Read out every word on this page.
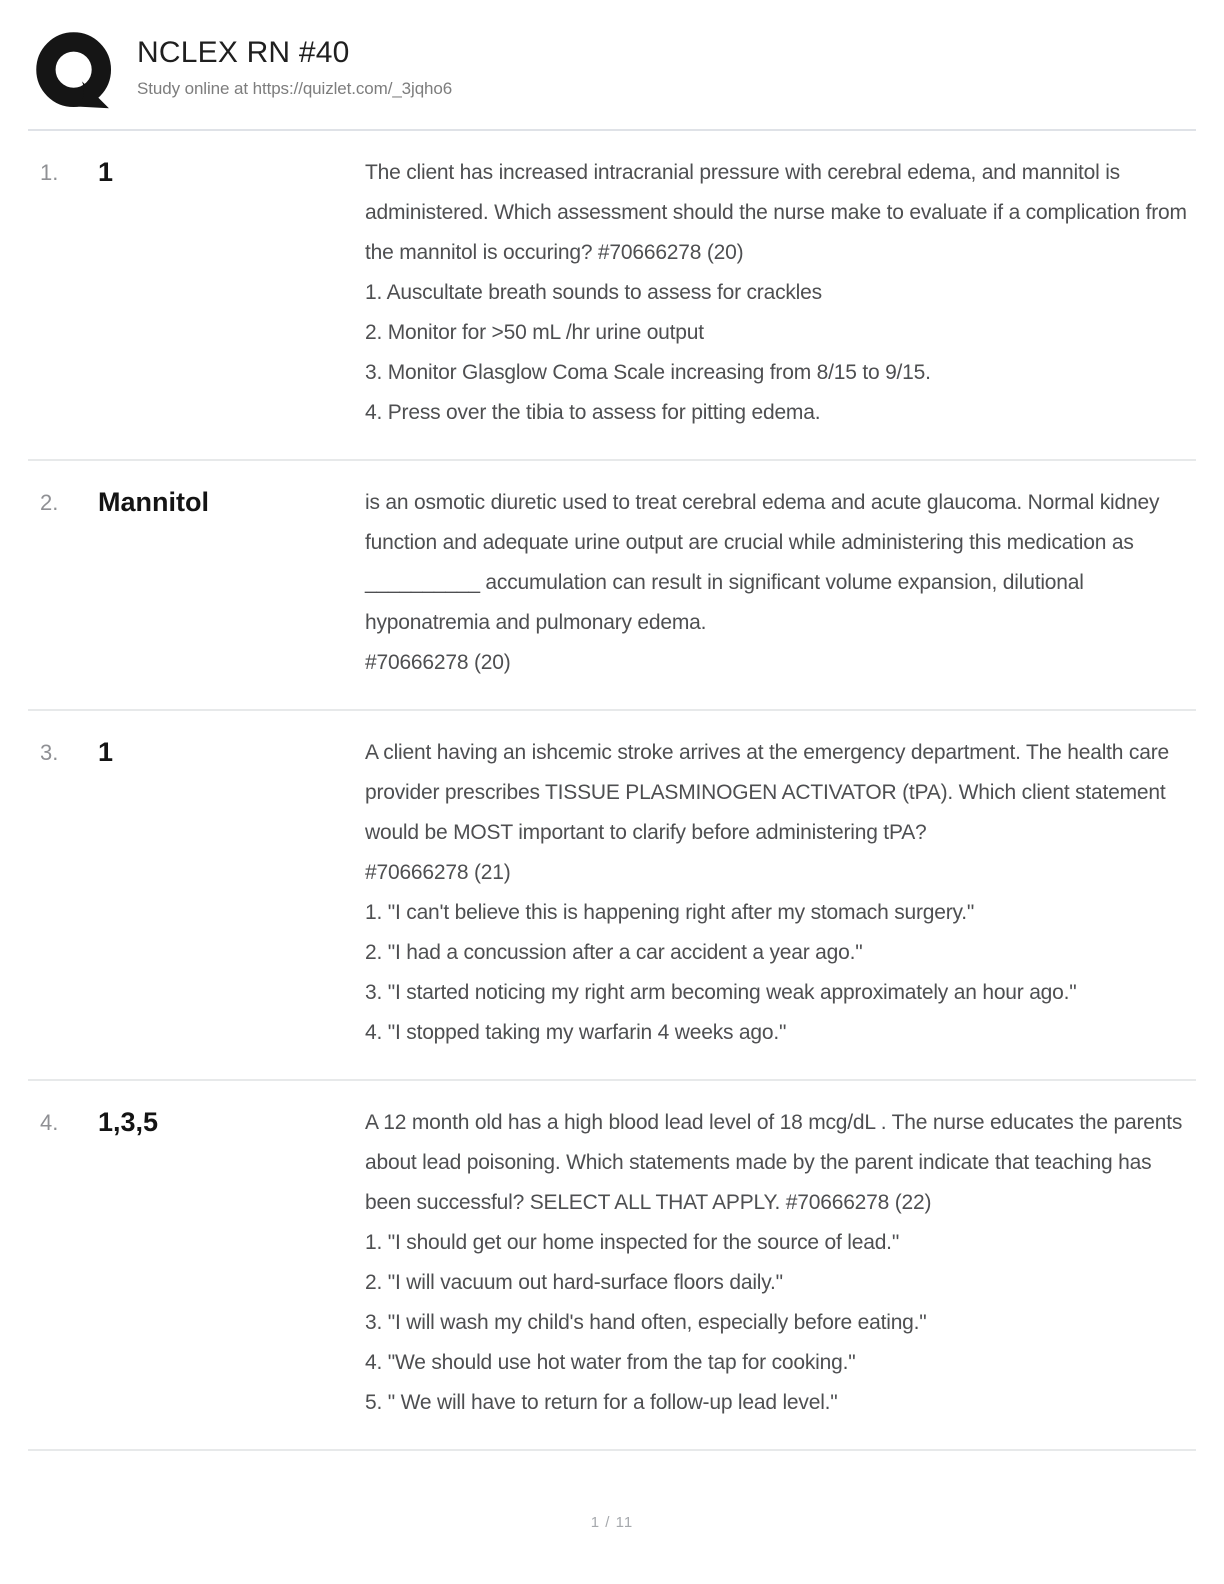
NCLEX RN #40
Study online at https://quizlet.com/_3jqho6
1.	1	The client has increased intracranial pressure with cerebral edema, and mannitol is administered. Which assessment should the nurse make to evaluate if a complication from the mannitol is occuring? #70666278 (20)

1. Auscultate breath sounds to assess for crackles

2. Monitor for >50 mL /hr urine output

3. Monitor Glasglow Coma Scale increasing from 8/15 to 9/15.

4. Press over the tibia to assess for pitting edema.

2.	Mannitol	is an osmotic diuretic used to treat cerebral edema and acute glaucoma. Normal kidney function and adequate urine output are crucial while administering this medication as __________ accumulation can result in significant volume expansion, dilutional hyponatremia and pulmonary edema.

#70666278 (20)

3.	1	A client having an ishcemic stroke arrives at the emergency department. The health care provider prescribes TISSUE PLASMINOGEN ACTIVATOR (tPA). Which client statement would be MOST important to clarify before administering tPA?

#70666278 (21)

1. "I can't believe this is happening right after my stomach surgery."

2. "I had a concussion after a car accident a year ago."

3. "I started noticing my right arm becoming weak approximately an hour ago."

4. "I stopped taking my warfarin 4 weeks ago."

4.	1,3,5	A 12 month old has a high blood lead level of 18 mcg/dL . The nurse educates the parents about lead poisoning. Which statements made by the parent indicate that teaching has been successful? SELECT ALL THAT APPLY. #70666278 (22)

1. "I should get our home inspected for the source of lead."

2. "I will vacuum out hard-surface floors daily."

3. "I will wash my child's hand often, especially before eating."

4. "We should use hot water from the tap for cooking."

5. " We will have to return for a follow-up lead level."

1 / 11
